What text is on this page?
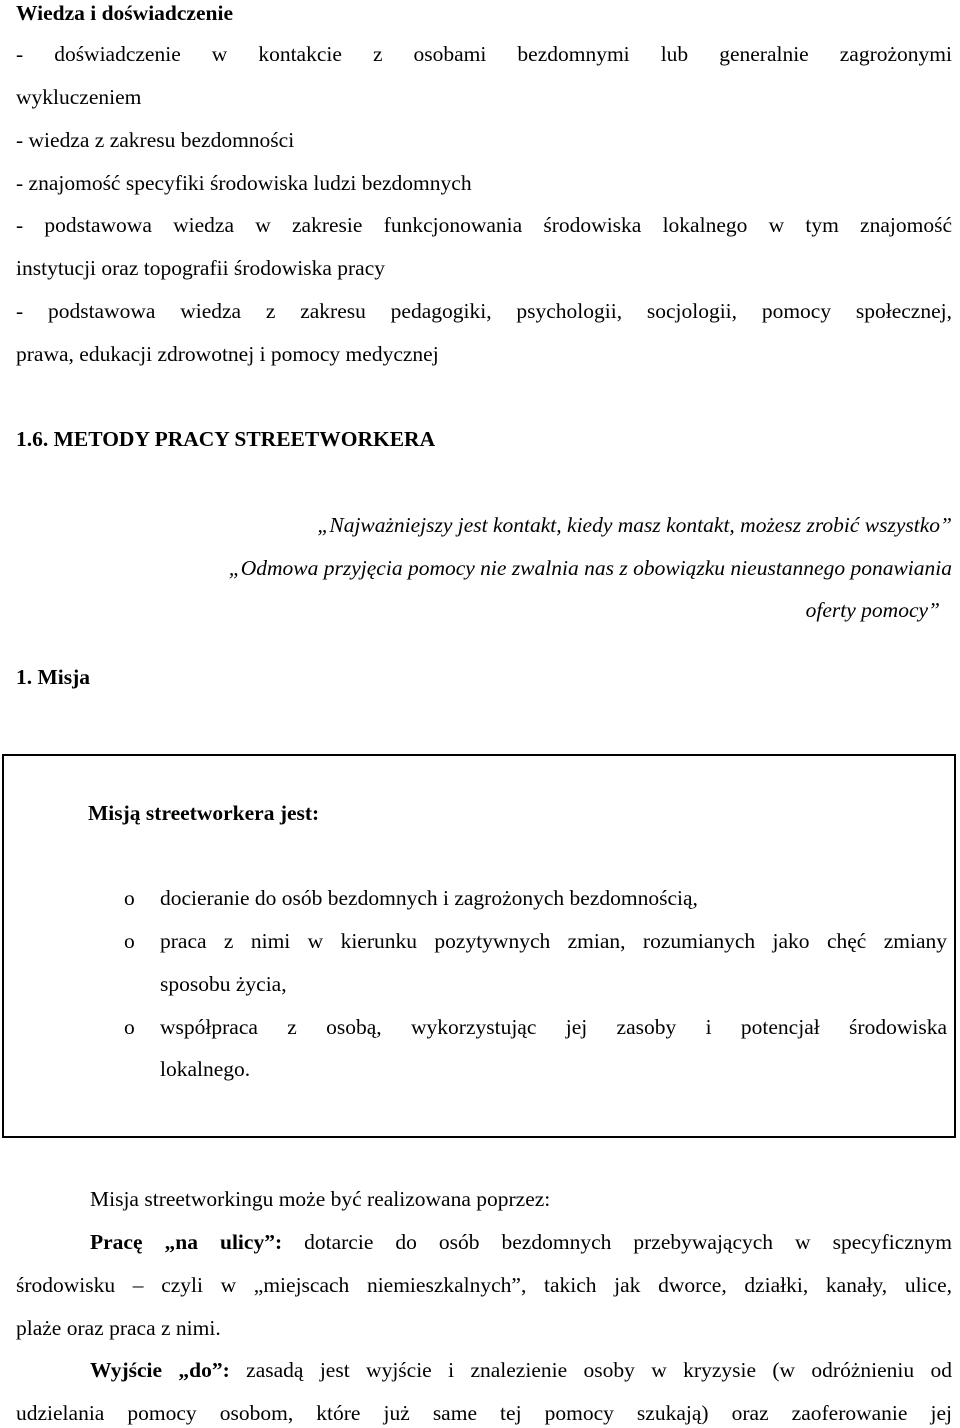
Wiedza i doświadczenie
- doświadczenie w kontakcie z osobami bezdomnymi lub generalnie zagrożonymi
wykluczeniem
- wiedza z zakresu bezdomności
- znajomość specyfiki środowiska ludzi bezdomnych
- podstawowa wiedza w zakresie funkcjonowania środowiska lokalnego w tym znajomość
instytucji oraz topografii środowiska pracy
- podstawowa wiedza z zakresu pedagogiki, psychologii, socjologii, pomocy społecznej,
prawa, edukacji zdrowotnej i pomocy medycznej
1.6. METODY PRACY STREETWORKERA
„Najważniejszy jest kontakt, kiedy masz kontakt, możesz zrobić wszystko”
„Odmowa przyjęcia pomocy nie zwalnia nas z obowiązku nieustannego ponawiania
oferty pomocy”
1. Misja
Misją streetworkera jest:
o docieranie do osób bezdomnych i zagrożonych bezdomnością,
o praca z nimi w kierunku pozytywnych zmian, rozumianych jako chęć zmiany
sposobu życia,
o współpraca z osobą, wykorzystując jej zasoby i potencjał środowiska
lokalnego.
Misja streetworkingu może być realizowana poprzez:
Pracę „na ulicy”: dotarcie do osób bezdomnych przebywających w specyficznym
środowisku – czyli w „miejscach niemieszkalnych”, takich jak dworce, działki, kanały, ulice,
plaże oraz praca z nimi.
Wyjście „do”: zasadą jest wyjście i znalezienie osoby w kryzysie (w odróżnieniu od
udzielania pomocy osobom, które już same tej pomocy szukają) oraz zaoferowanie jej
